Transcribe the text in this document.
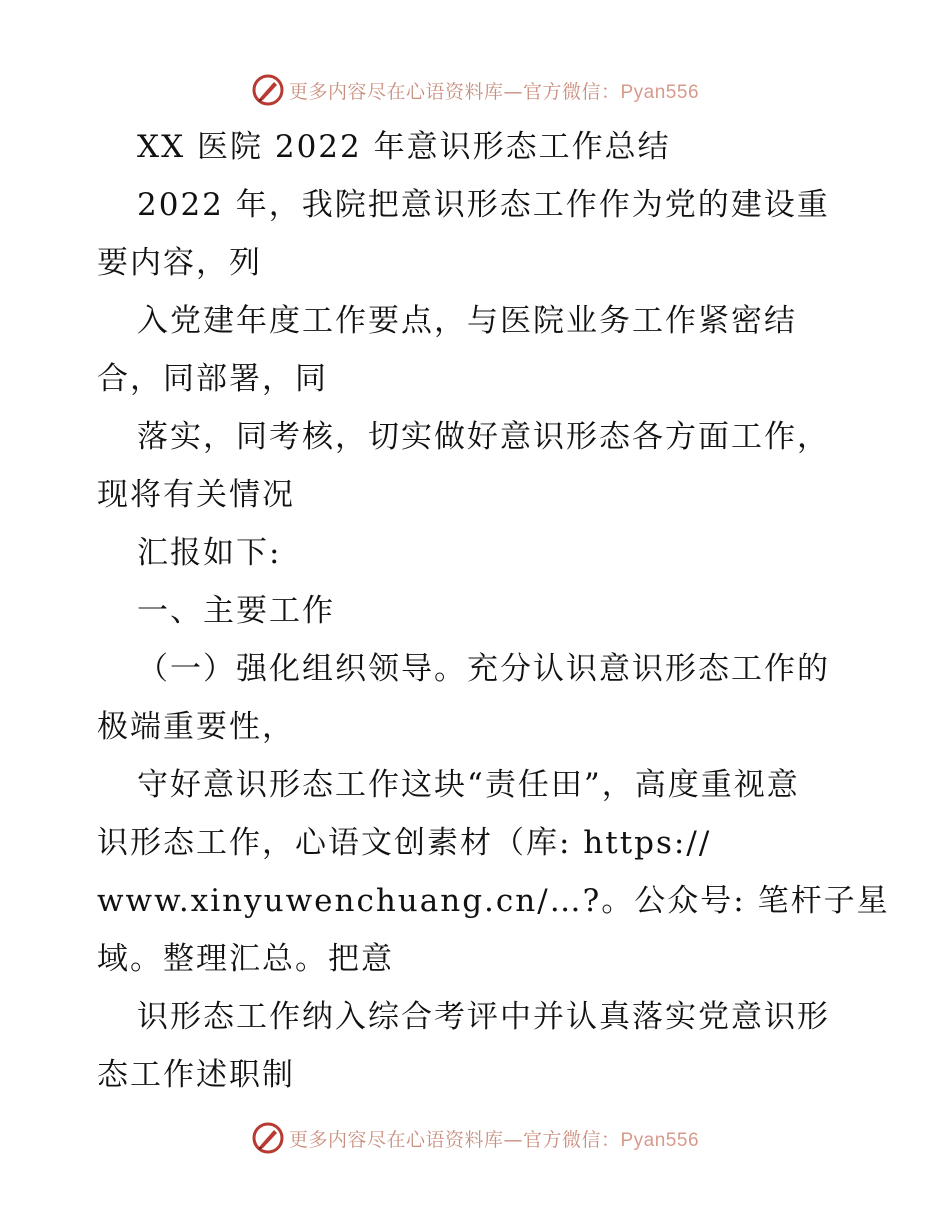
更多内容尽在心语资料库—官方微信：Pyan556
XX 医院 2022 年意识形态工作总结
2022 年，我院把意识形态工作作为党的建设重
要内容，列
入党建年度工作要点，与医院业务工作紧密结
合，同部署，同
落实，同考核，切实做好意识形态各方面工作，
现将有关情况
汇报如下:
一、主要工作
（一）强化组织领导。充分认识意识形态工作的
极端重要性，
守好意识形态工作这块“责任田”，高度重视意
识形态工作，心语文创素材（库: https://
www.xinyuwenchuang.cn/…?。公众号: 笔杆子星
域。整理汇总。把意
识形态工作纳入综合考评中并认真落实党意识形
态工作述职制
更多内容尽在心语资料库—官方微信：Pyan556
